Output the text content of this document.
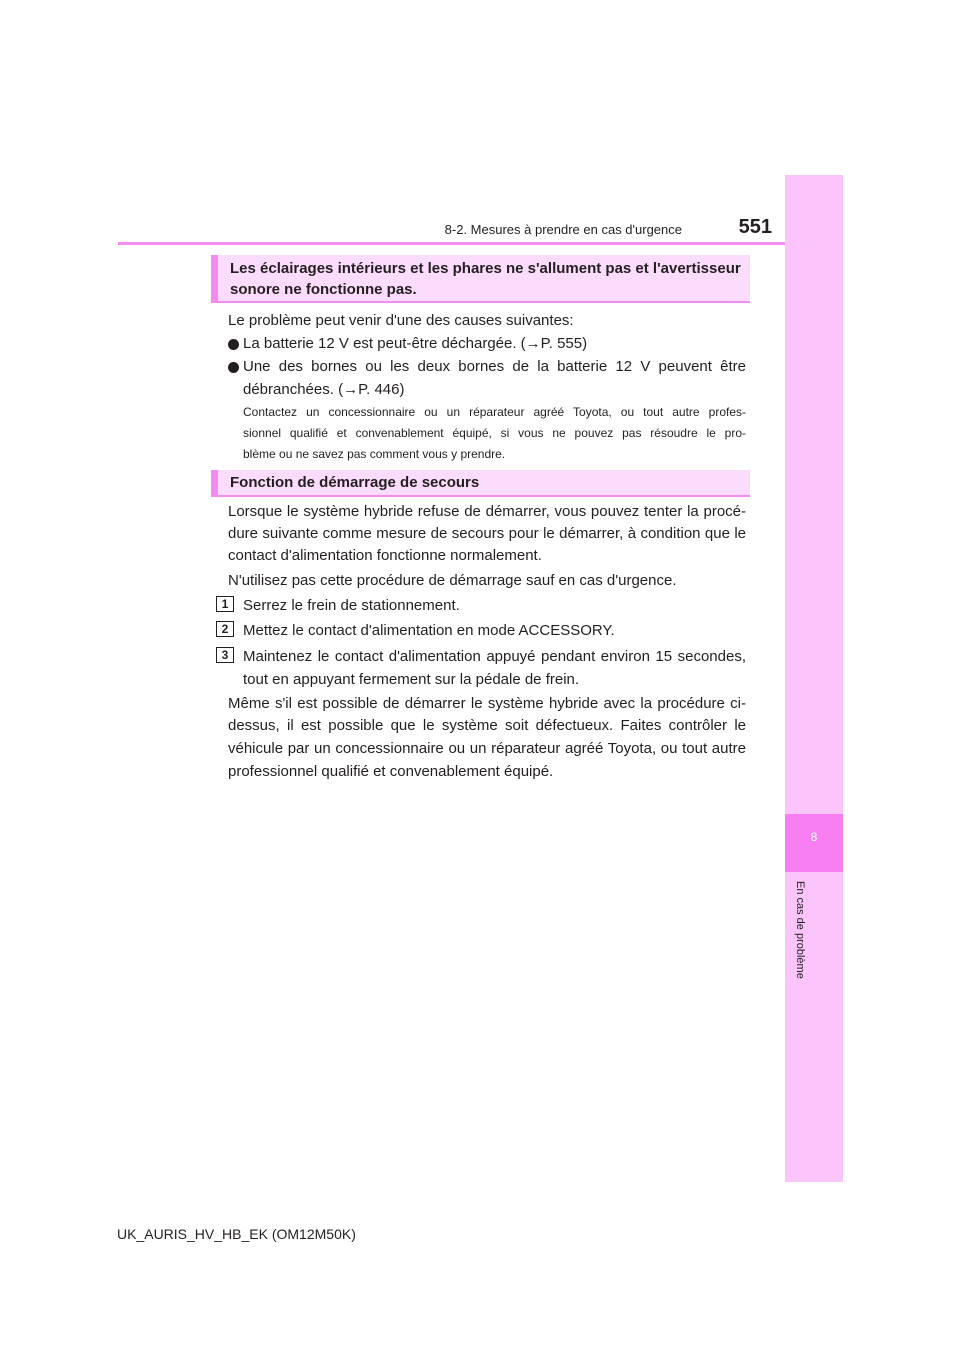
8-2. Mesures à prendre en cas d'urgence	551
8
En cas de problème
Les éclairages intérieurs et les phares ne s'allument pas et l'avertisseur
sonore ne fonctionne pas.
Le problème peut venir d'une des causes suivantes:
La batterie 12 V est peut-être déchargée. (→P. 555)
Une des bornes ou les deux bornes de la batterie 12 V peuvent être
débranchées. (→P. 446)
Contactez un concessionnaire ou un réparateur agréé Toyota, ou tout autre profes-
sionnel qualifié et convenablement équipé, si vous ne pouvez pas résoudre le pro-
blème ou ne savez pas comment vous y prendre.
Fonction de démarrage de secours
Lorsque le système hybride refuse de démarrer, vous pouvez tenter la procé-
dure suivante comme mesure de secours pour le démarrer, à condition que le
contact d'alimentation fonctionne normalement.
N'utilisez pas cette procédure de démarrage sauf en cas d'urgence.
1 Serrez le frein de stationnement.
2 Mettez le contact d'alimentation en mode ACCESSORY.
3 Maintenez le contact d'alimentation appuyé pendant environ 15 secondes,
tout en appuyant fermement sur la pédale de frein.
Même s'il est possible de démarrer le système hybride avec la procédure ci-
dessus, il est possible que le système soit défectueux. Faites contrôler le
véhicule par un concessionnaire ou un réparateur agréé Toyota, ou tout autre
professionnel qualifié et convenablement équipé.
UK_AURIS_HV_HB_EK (OM12M50K)
